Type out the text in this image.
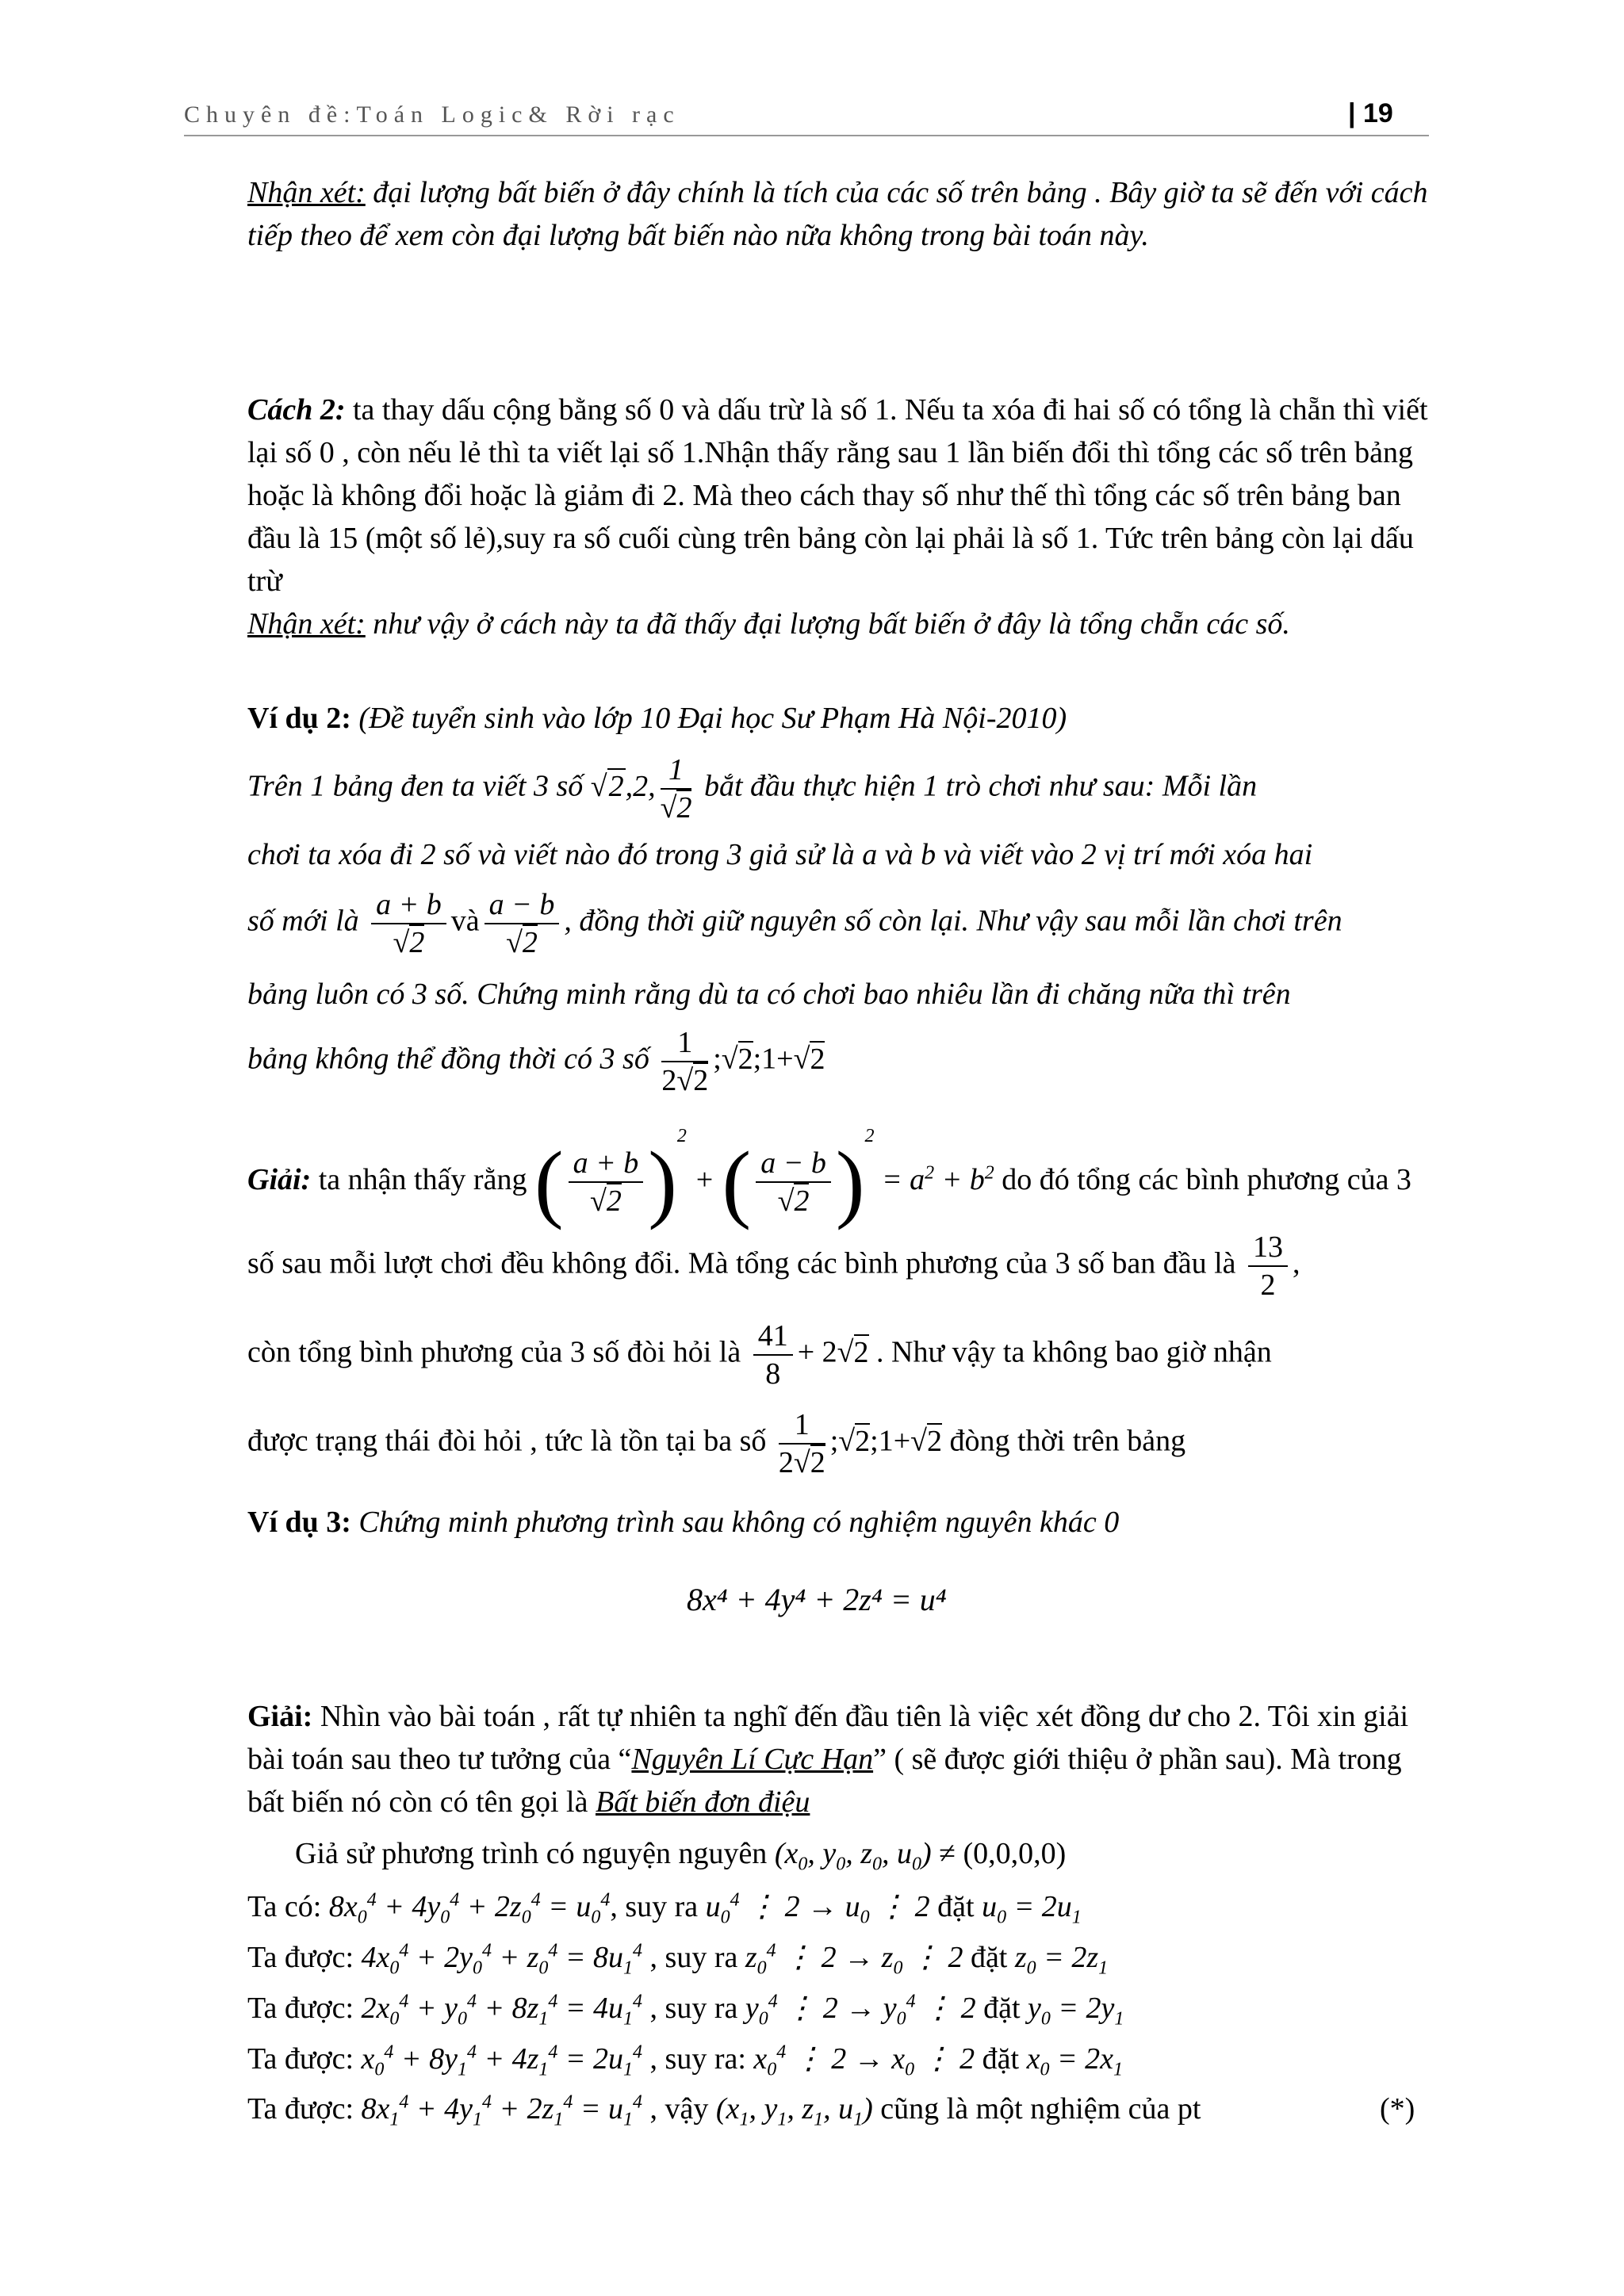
Chuyên đề:Toán Logic& Rời rạc	| 19
Nhận xét: đại lượng bất biến ở đây chính là tích của các số trên bảng . Bây giờ ta sẽ đến với cách tiếp theo để xem còn đại lượng bất biến nào nữa không trong bài toán này.
Cách 2: ta thay dấu cộng bằng số 0 và dấu trừ là số 1. Nếu ta xóa đi hai số có tổng là chẵn thì viết lại số 0 , còn nếu lẻ thì ta viết lại số 1.Nhận thấy rằng sau 1 lần biến đổi thì tổng các số trên bảng hoặc là không đổi hoặc là giảm đi 2. Mà theo cách thay số như thế thì tổng các số trên bảng ban đầu là 15 (một số lẻ),suy ra số cuối cùng trên bảng còn lại phải là số 1. Tức trên bảng còn lại dấu trừ
Nhận xét: như vậy ở cách này ta đã thấy đại lượng bất biến ở đây là tổng chẵn các số.
Ví dụ 2: (Đề tuyển sinh vào lớp 10 Đại học Sư Phạm Hà Nội-2010)
Trên 1 bảng đen ta viết 3 số √2,2, $\frac{1}{√2}$ bắt đầu thực hiện 1 trò chơi như sau: Mỗi lần
chơi ta xóa đi 2 số và viết nào đó trong 3 giả sử là a và b và viết vào 2 vị trí mới xóa hai
số mới là $\frac{a + b}{√2}$ và $\frac{a - b}{√2}$ , đồng thời giữ nguyên số còn lại. Như vậy sau mỗi lần chơi trên
bảng luôn có 3 số. Chứng minh rằng dù ta có chơi bao nhiêu lần đi chăng nữa thì trên
bảng không thể đồng thời có 3 số $\frac{1}{2√2}$ ;√2;1+√2
Giải: ta nhận thấy rằng ( $\frac{a + b}{√2} )^2$ + ( $\frac{a - b}{√2} )^2 = a^2 + b^2$ do đó tổng các bình phương của 3
số sau mỗi lượt chơi đều không đổi. Mà tổng các bình phương của 3 số ban đầu là $\frac{13}{2}$ ,
còn tổng bình phương của 3 số đòi hỏi là $\frac{41}{8} + 2√2$ . Như vậy ta không bao giờ nhận
được trạng thái đòi hỏi , tức là tồn tại ba số $\frac{1}{2√2}$ ;√2;1+√2 đòng thời trên bảng
Ví dụ 3: Chứng minh phương trình sau không có nghiệm nguyên khác 0
8x⁴ + 4y⁴ + 2z⁴ = u⁴
Giải: Nhìn vào bài toán , rất tự nhiên ta nghĩ đến đầu tiên là việc xét đồng dư cho 2. Tôi xin giải bài toán sau theo tư tưởng của “Nguyên Lí Cực Hạn” ( sẽ được giới thiệu ở phần sau). Mà trong bất biến nó còn có tên gọi là Bất biến đơn điệu
Giả sử phương trình có nguyện nguyên ($x_0$, $y_0$, $z_0$, $u_0) \ne (0,0,0,0)$
Ta có: $8x_0^4 + 4y_0^4 + 2z_0^4 = u_0^4$, suy ra $u_0^4$ ⋮ $2 \to u_0$ ⋮ 2 đặt $u_0 = 2u_1$
Ta được: $4x_0^4 + 2y_0^4 + z_0^4 = 8u_1^4$ , suy ra $z_0^4$ ⋮ $2 \to z_0$ ⋮ 2 đặt $z_0 = 2z_1$
Ta được: $2x_0^4 + y_0^4 + 8z_1^4 = 4u_1^4$ , suy ra $y_0^4$ ⋮ $2 \to y_0^4$ ⋮ 2 đặt $y_0 = 2y_1$
Ta được: $x_0^4 + 8y_1^4 + 4z_1^4 = 2u_1^4$ , suy ra: $x_0^4$ ⋮ $2 \to x_0$ ⋮ 2 đặt $x_0 = 2x_1$
Ta được: $8x_1^4 + 4y_1^4 + 2z_1^4 = u_1^4$ , vậy ($x_1$, $y_1$, $z_1$, $u_1$) cũng là một nghiệm của pt	(*)
